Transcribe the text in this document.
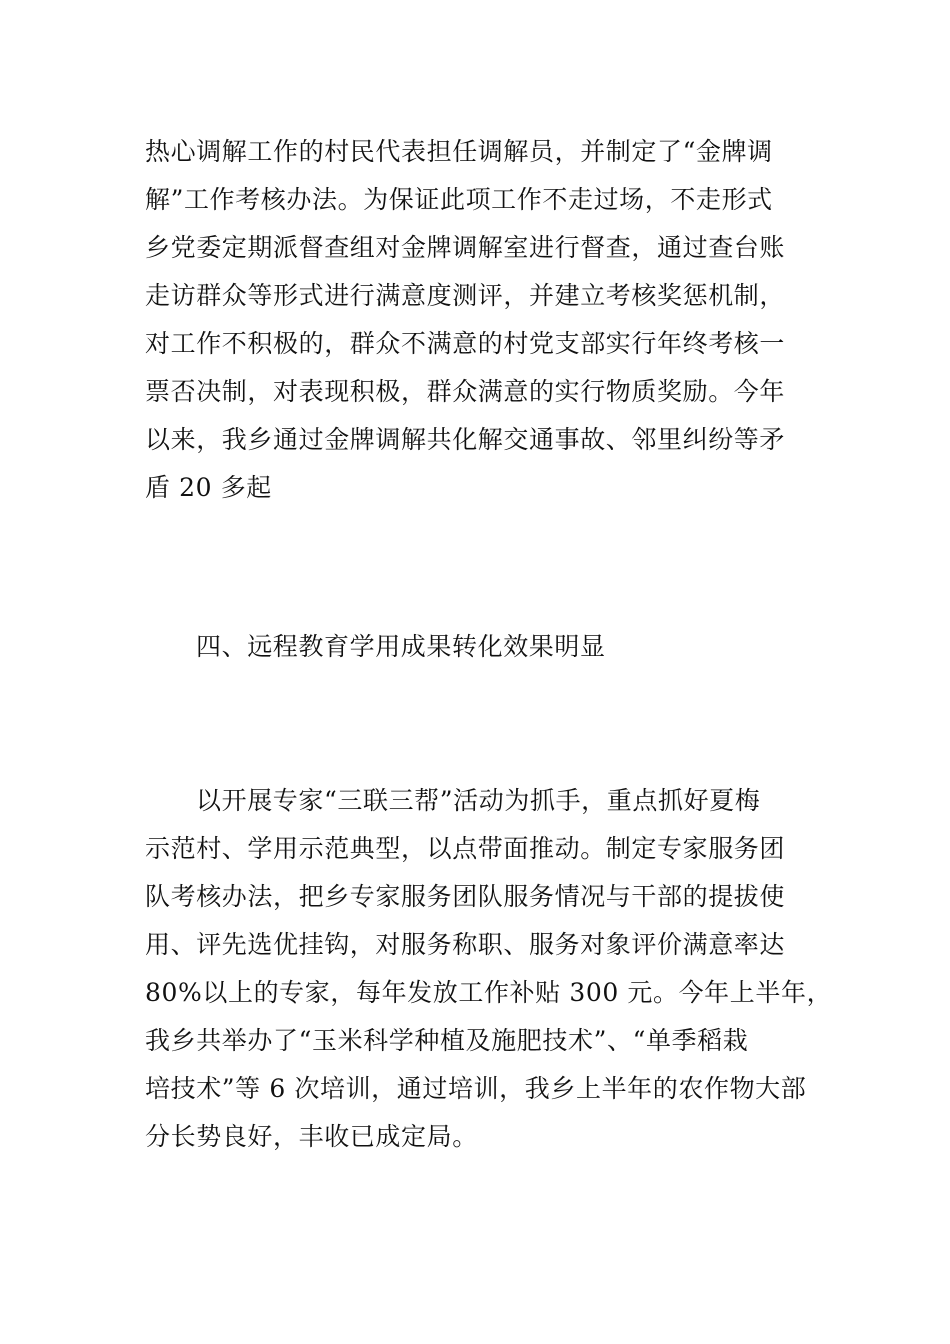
热心调解工作的村民代表担任调解员，并制定了“金牌调
解”工作考核办法。为保证此项工作不走过场，不走形式
乡党委定期派督查组对金牌调解室进行督查，通过查台账
走访群众等形式进行满意度测评，并建立考核奖惩机制，
对工作不积极的，群众不满意的村党支部实行年终考核一
票否决制，对表现积极，群众满意的实行物质奖励。今年
以来，我乡通过金牌调解共化解交通事故、邻里纠纷等矛
盾 20 多起
四、远程教育学用成果转化效果明显
以开展专家“三联三帮”活动为抓手，重点抓好夏梅
示范村、学用示范典型，以点带面推动。制定专家服务团
队考核办法，把乡专家服务团队服务情况与干部的提拔使
用、评先选优挂钩，对服务称职、服务对象评价满意率达
80%以上的专家，每年发放工作补贴 300 元。今年上半年，
我乡共举办了“玉米科学种植及施肥技术”、“单季稻栽
培技术”等 6 次培训，通过培训，我乡上半年的农作物大部
分长势良好，丰收已成定局。
